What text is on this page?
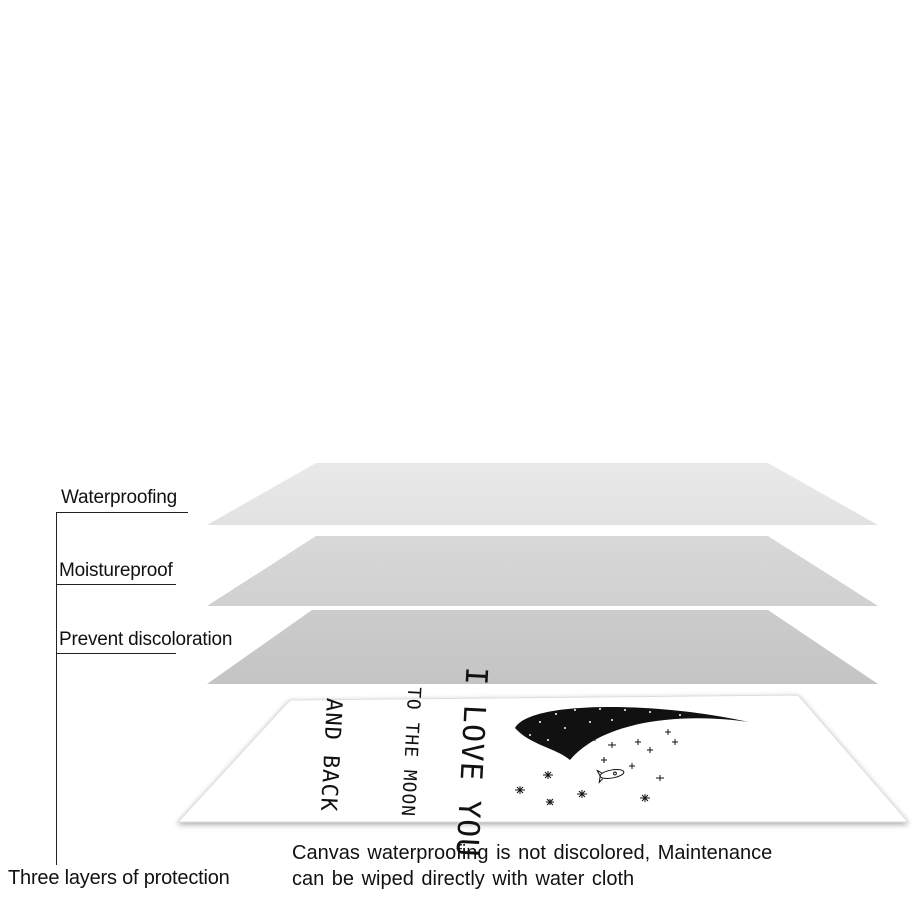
I LOVE YOU
TO THE MOON
AND BACK
Waterproofing
Moistureproof
Prevent discoloration
Three layers of protection
Canvas waterproofing is not discolored, Maintenance
can be wiped directly with water cloth
